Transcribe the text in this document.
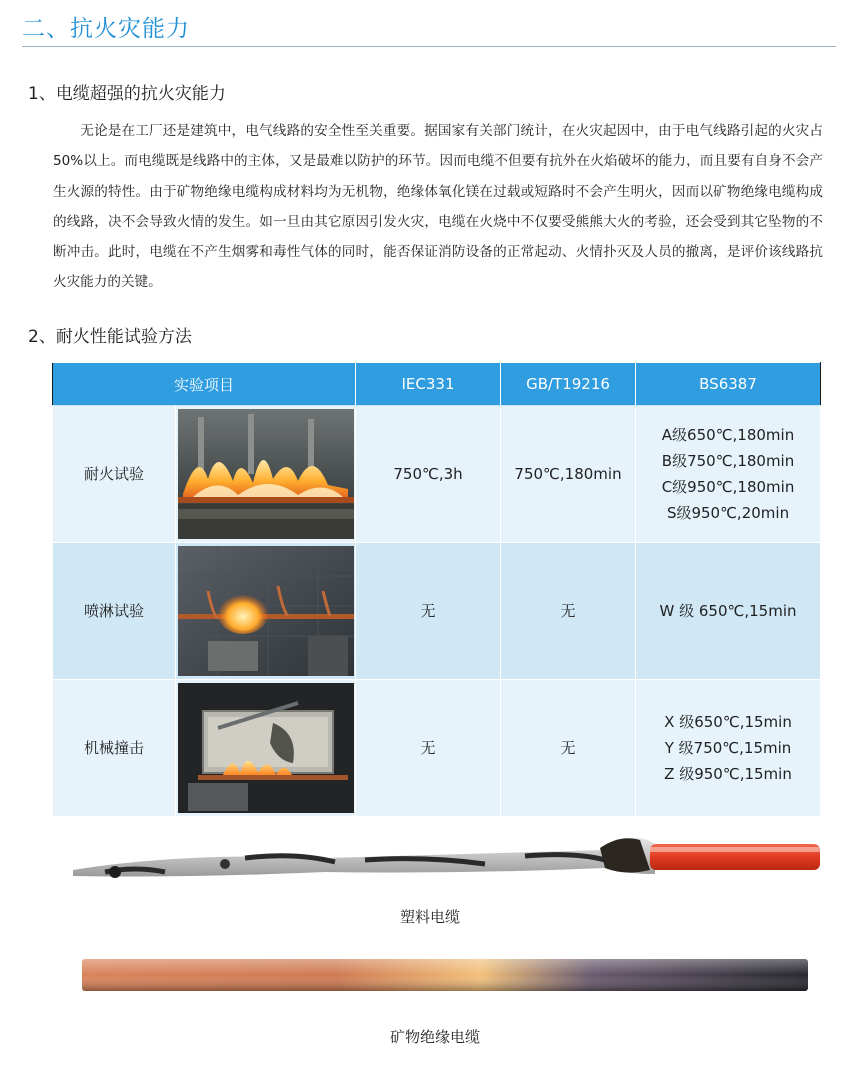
二、抗火灾能力
1、电缆超强的抗火灾能力

无论是在工厂还是建筑中，电气线路的安全性至关重要。据国家有关部门统计，在火灾起因中，由于电气线路引起的火灾占50%以上。而电缆既是线路中的主体，又是最难以防护的环节。因而电缆不但要有抗外在火焰破坏的能力，而且要有自身不会产生火源的特性。由于矿物绝缘电缆构成材料均为无机物，绝缘体氧化镁在过载或短路时不会产生明火，因而以矿物绝缘电缆构成的线路，决不会导致火情的发生。如一旦由其它原因引发火灾，电缆在火烧中不仅要受熊熊大火的考验，还会受到其它坠物的不断冲击。此时，电缆在不产生烟雾和毒性气体的同时，能否保证消防设备的正常起动、火情扑灭及人员的撤离，是评价该线路抗火灾能力的关键。

2、耐火性能试验方法
实验项目		IEC331	GB/T19216	BS6387
耐火试验		750℃,3h	750℃,180min	A级650℃,180min
B级750℃,180min
C级950℃,180min
S级950℃,20min

喷淋试验		无	无	W 级 650℃,15min

机械撞击		无	无	X 级650℃,15min
Y 级750℃,15min
Z 级950℃,15min
塑料电缆
矿物绝缘电缆
